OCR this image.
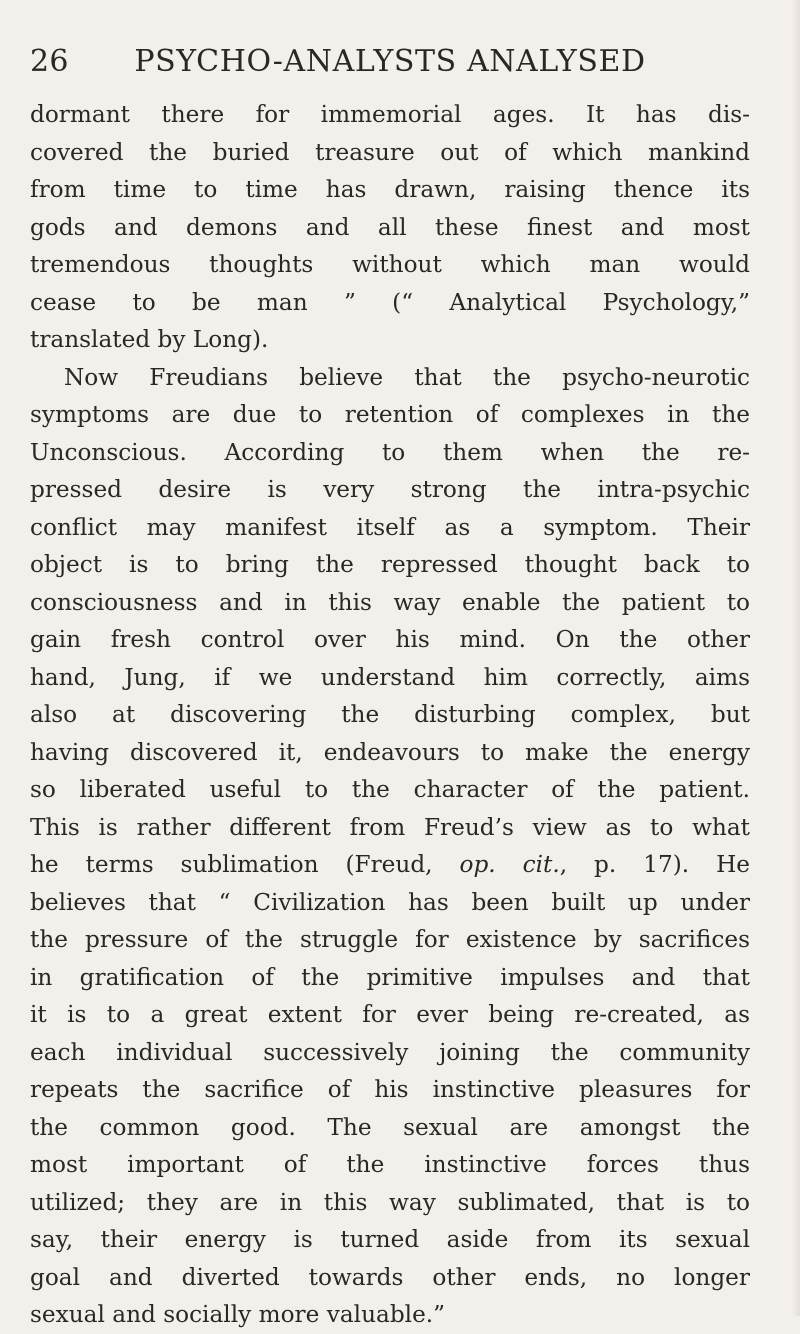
26	PSYCHO-ANALYSTS ANALYSED
dormant there for immemorial ages. It has dis-
covered the buried treasure out of which mankind
from time to time has drawn, raising thence its
gods and demons and all these finest and most
tremendous thoughts without which man would
cease to be man ” (“ Analytical Psychology,”
translated by Long).
Now Freudians believe that the psycho-neurotic
symptoms are due to retention of complexes in the
Unconscious. According to them when the re-
pressed desire is very strong the intra-psychic
conflict may manifest itself as a symptom. Their
object is to bring the repressed thought back to
consciousness and in this way enable the patient to
gain fresh control over his mind. On the other
hand, Jung, if we understand him correctly, aims
also at discovering the disturbing complex, but
having discovered it, endeavours to make the energy
so liberated useful to the character of the patient.
This is rather different from Freud’s view as to what
he terms sublimation (Freud, op. cit., p. 17). He
believes that “ Civilization has been built up under
the pressure of the struggle for existence by sacrifices
in gratification of the primitive impulses and that
it is to a great extent for ever being re-created, as
each individual successively joining the community
repeats the sacrifice of his instinctive pleasures for
the common good. The sexual are amongst the
most important of the instinctive forces thus
utilized; they are in this way sublimated, that is to
say, their energy is turned aside from its sexual
goal and diverted towards other ends, no longer
sexual and socially more valuable.”
